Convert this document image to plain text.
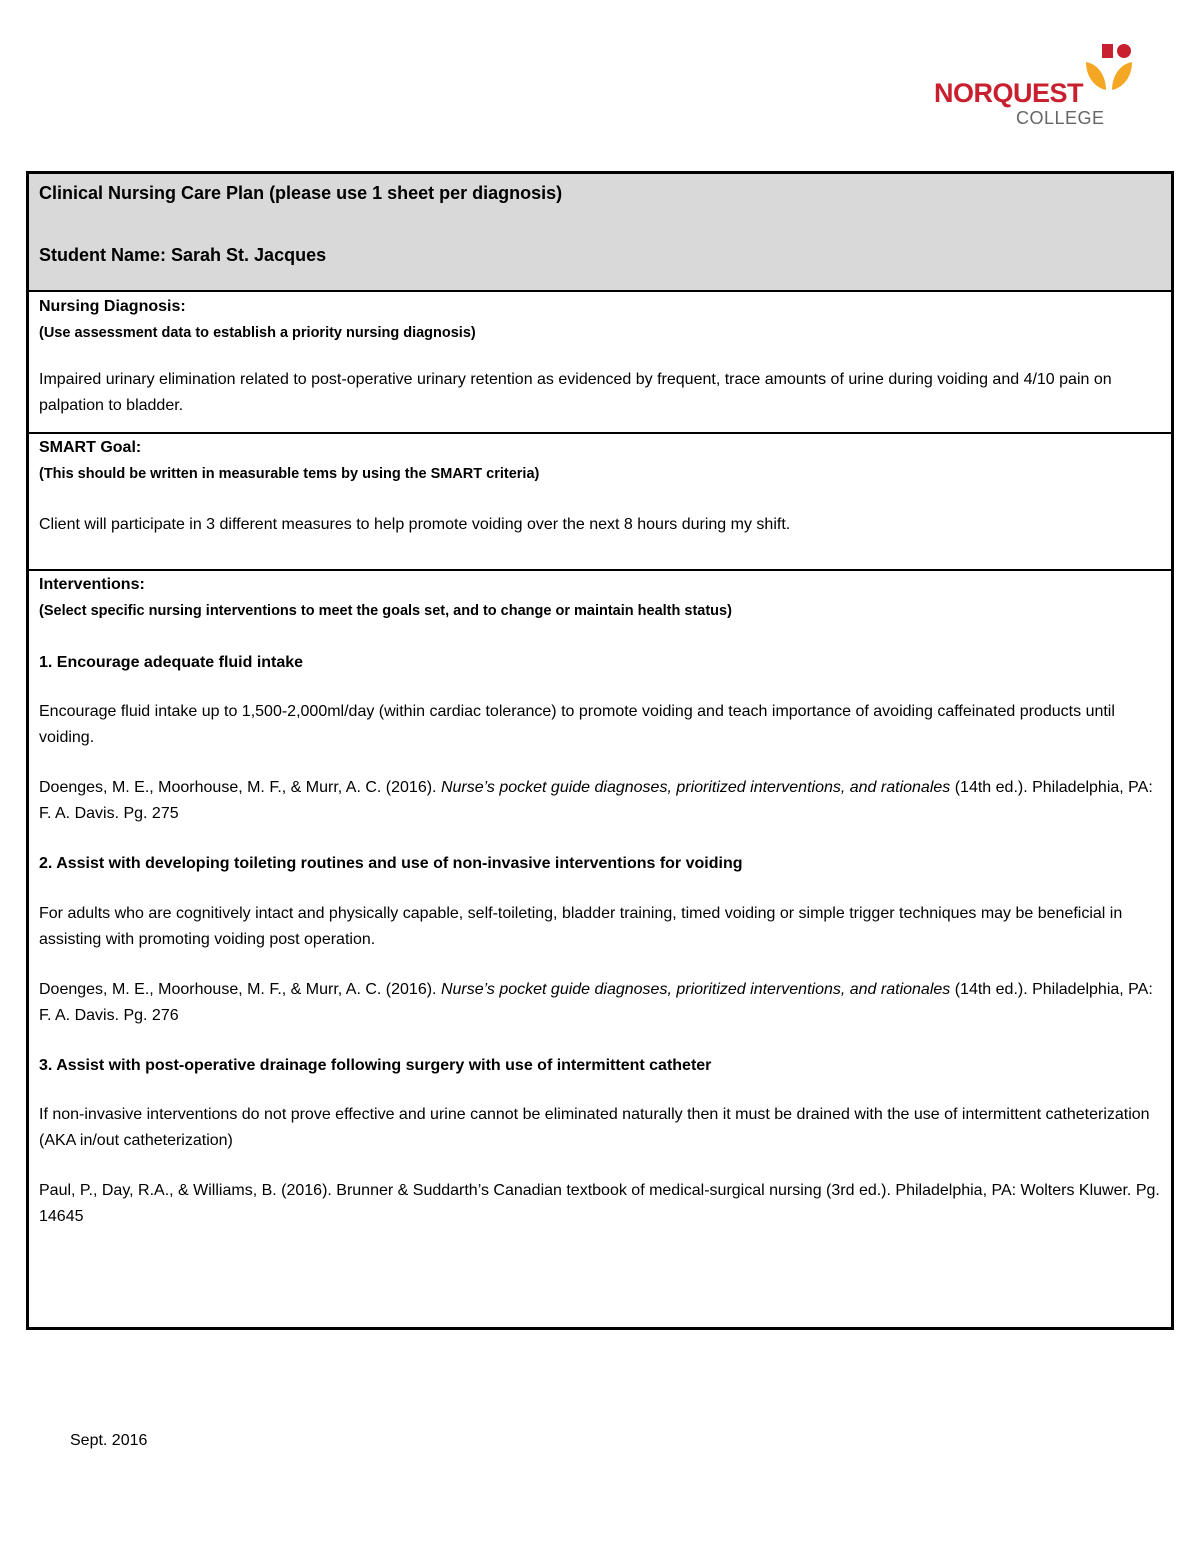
NORQUEST
COLLEGE

Clinical Nursing Care Plan (please use 1 sheet per diagnosis)

Student Name: Sarah St. Jacques

Nursing Diagnosis:

(Use assessment data to establish a priority nursing diagnosis)

Impaired urinary elimination related to post-operative urinary retention as evidenced by frequent, trace amounts of urine during voiding and 4/10 pain on palpation to bladder.

SMART Goal:

(This should be written in measurable tems by using the SMART criteria)

Client will participate in 3 different measures to help promote voiding over the next 8 hours during my shift.

Interventions:

(Select specific nursing interventions to meet the goals set, and to change or maintain health status)

1. Encourage adequate fluid intake

Encourage fluid intake up to 1,500-2,000ml/day (within cardiac tolerance) to promote voiding and teach importance of avoiding caffeinated products until voiding.

Doenges, M. E., Moorhouse, M. F., & Murr, A. C. (2016). Nurse’s pocket guide diagnoses, prioritized interventions, and rationales (14th ed.). Philadelphia, PA: F. A. Davis. Pg. 275

2. Assist with developing toileting routines and use of non-invasive interventions for voiding

For adults who are cognitively intact and physically capable, self-toileting, bladder training, timed voiding or simple trigger techniques may be beneficial in assisting with promoting voiding post operation.

Doenges, M. E., Moorhouse, M. F., & Murr, A. C. (2016). Nurse’s pocket guide diagnoses, prioritized interventions, and rationales (14th ed.). Philadelphia, PA: F. A. Davis. Pg. 276

3. Assist with post-operative drainage following surgery with use of intermittent catheter

If non-invasive interventions do not prove effective and urine cannot be eliminated naturally then it must be drained with the use of intermittent catheterization (AKA in/out catheterization)

Paul, P., Day, R.A., & Williams, B. (2016). Brunner & Suddarth’s Canadian textbook of medical-surgical nursing (3rd ed.). Philadelphia, PA: Wolters Kluwer. Pg. 14645

Sept. 2016
